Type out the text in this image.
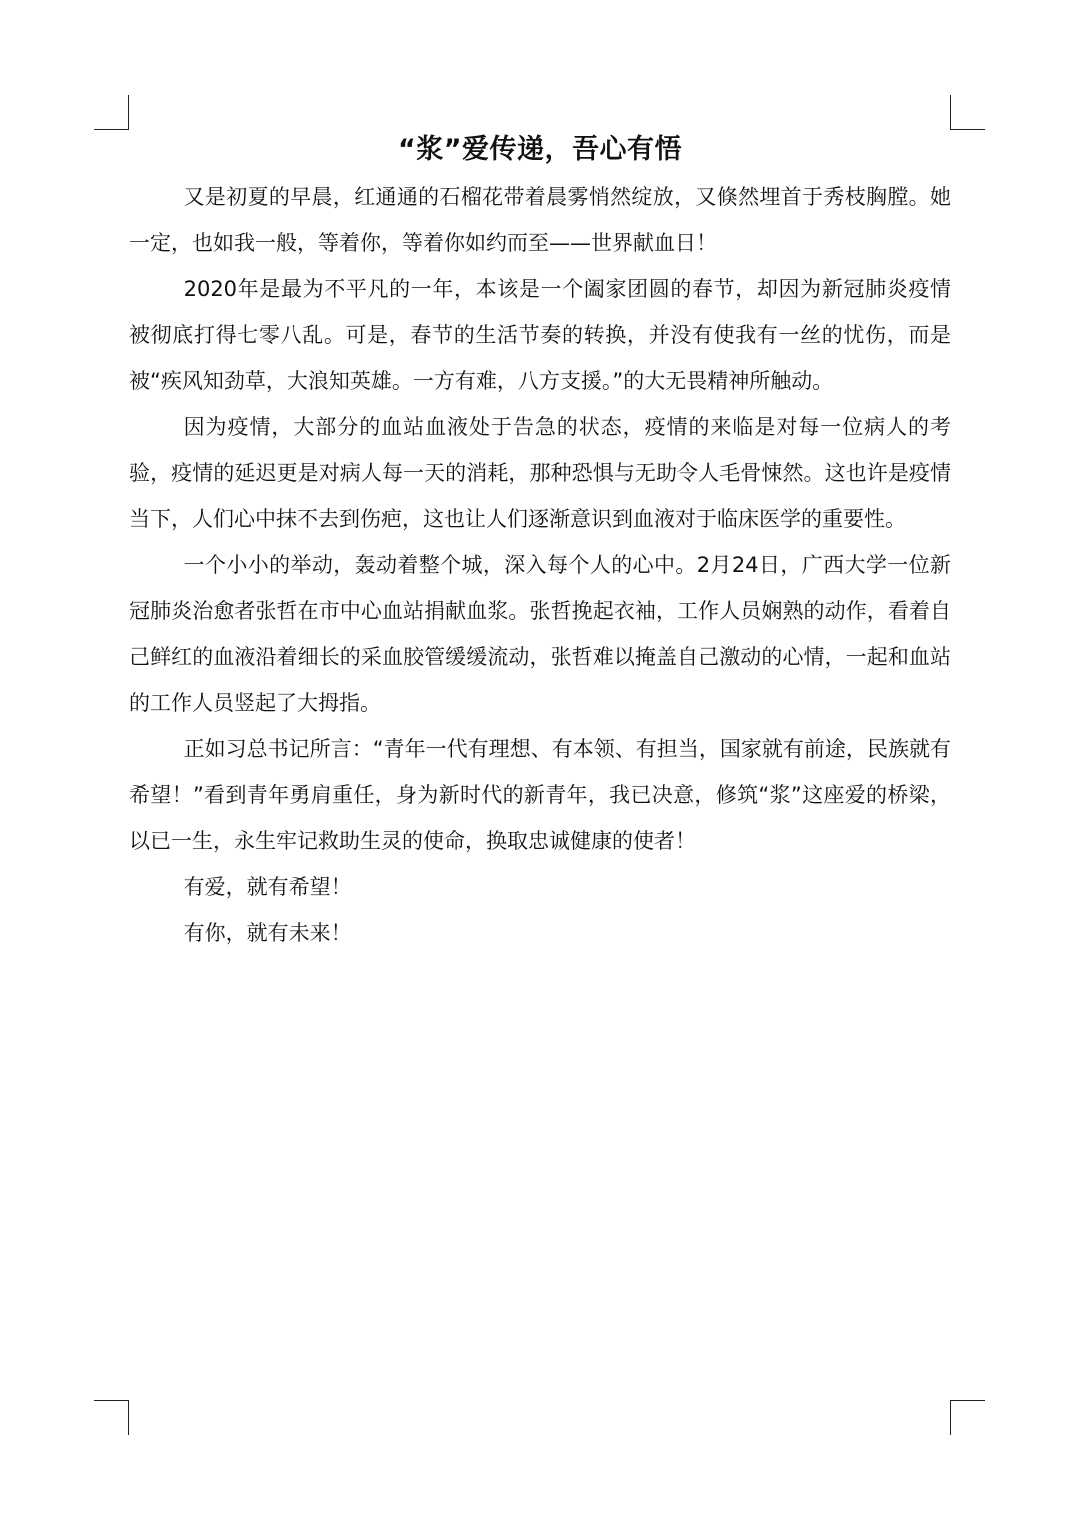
“浆”爱传递，吾心有悟

又是初夏的早晨，红通通的石榴花带着晨雾悄然绽放，又倏然埋首于秀枝胸膛。她一定，也如我一般，等着你，等着你如约而至——世界献血日！

2020年是最为不平凡的一年，本该是一个阖家团圆的春节，却因为新冠肺炎疫情被彻底打得七零八乱。可是，春节的生活节奏的转换，并没有使我有一丝的忧伤，而是被“疾风知劲草，大浪知英雄。一方有难，八方支援。”的大无畏精神所触动。

因为疫情，大部分的血站血液处于告急的状态，疫情的来临是对每一位病人的考验，疫情的延迟更是对病人每一天的消耗，那种恐惧与无助令人毛骨悚然。这也许是疫情当下，人们心中抹不去到伤疤，这也让人们逐渐意识到血液对于临床医学的重要性。

一个小小的举动，轰动着整个城，深入每个人的心中。2月24日，广西大学一位新冠肺炎治愈者张哲在市中心血站捐献血浆。张哲挽起衣袖，工作人员娴熟的动作，看着自己鲜红的血液沿着细长的采血胶管缓缓流动，张哲难以掩盖自己激动的心情，一起和血站的工作人员竖起了大拇指。

正如习总书记所言：“青年一代有理想、有本领、有担当，国家就有前途，民族就有希望！”看到青年勇肩重任，身为新时代的新青年，我已决意，修筑“浆”这座爱的桥梁，以已一生，永生牢记救助生灵的使命，换取忠诚健康的使者！

有爱，就有希望！

有你，就有未来！
